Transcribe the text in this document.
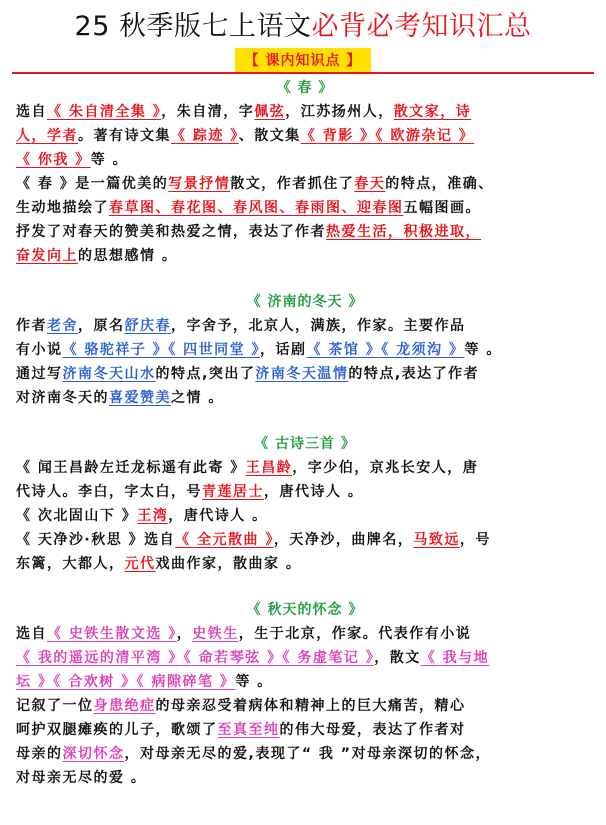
25 秋季版七上语文必背必考知识汇总
【 课内知识点 】
《 春 》
选自《 朱自清全集 》，朱自清，字佩弦，江苏扬州人，散文家，诗
人，学者。著有诗文集《 踪迹 》、散文集《 背影 》《 欧游杂记 》
《 你我 》等 。
《 春 》是一篇优美的写景抒情散文，作者抓住了春天的特点，准确、
生动地描绘了春草图、春花图、春风图、春雨图、迎春图五幅图画。
抒发了对春天的赞美和热爱之情，表达了作者热爱生活，积极进取，
奋发向上的思想感情 。
《 济南的冬天 》
作者老舍，原名舒庆春，字舍予，北京人，满族，作家。主要作品
有小说《 骆驼祥子 》《 四世同堂 》，话剧《 茶馆 》《 龙须沟 》等 。
通过写济南冬天山水的特点,突出了济南冬天温情的特点,表达了作者
对济南冬天的喜爱赞美之情 。
《 古诗三首 》
《 闻王昌龄左迁龙标遥有此寄 》王昌龄，字少伯，京兆长安人，唐
代诗人。李白，字太白，号青莲居士，唐代诗人 。
《 次北固山下 》王湾，唐代诗人 。
《 天净沙·秋思 》选自《 全元散曲 》，天净沙，曲牌名，马致远，号
东篱，大都人，元代戏曲作家，散曲家 。
《 秋天的怀念 》
选自《 史铁生散文选 》，史铁生，生于北京，作家。代表作有小说
《 我的遥远的清平湾 》《 命若琴弦 》《 务虚笔记 》，散文《 我与地
坛 》《 合欢树 》《 病隙碎笔 》等 。
记叙了一位身患绝症的母亲忍受着病体和精神上的巨大痛苦，精心
呵护双腿瘫痪的儿子，歌颂了至真至纯的伟大母爱，表达了作者对
母亲的深切怀念，对母亲无尽的爱,表现了“ 我 ”对母亲深切的怀念，
对母亲无尽的爱 。
